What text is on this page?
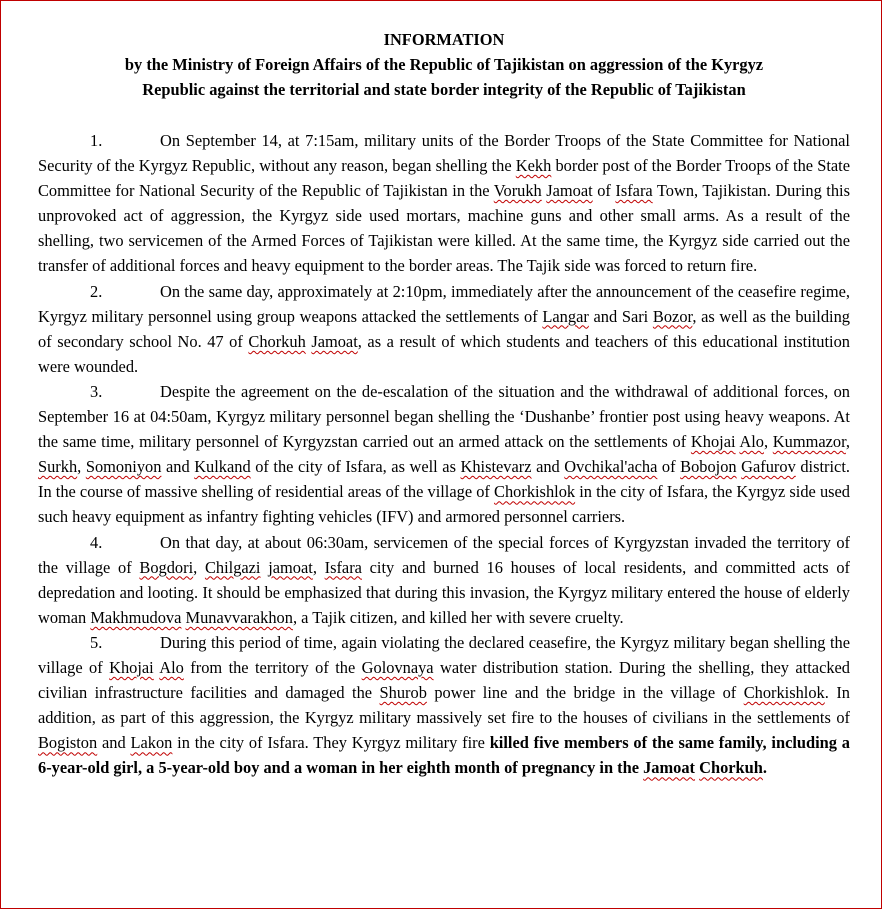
INFORMATION

by the Ministry of Foreign Affairs of the Republic of Tajikistan on aggression of the Kyrgyz
Republic against the territorial and state border integrity of the Republic of Tajikistan

1.	On September 14, at 7:15am, military units of the Border Troops of the State Committee for National Security of the Kyrgyz Republic, without any reason, began shelling the Kekh border post of the Border Troops of the State Committee for National Security of the Republic of Tajikistan in the Vorukh Jamoat of Isfara Town, Tajikistan. During this unprovoked act of aggression, the Kyrgyz side used mortars, machine guns and other small arms. As a result of the shelling, two servicemen of the Armed Forces of Tajikistan were killed. At the same time, the Kyrgyz side carried out the transfer of additional forces and heavy equipment to the border areas. The Tajik side was forced to return fire.

2.	On the same day, approximately at 2:10pm, immediately after the announcement of the ceasefire regime, Kyrgyz military personnel using group weapons attacked the settlements of Langar and Sari Bozor, as well as the building of secondary school No. 47 of Chorkuh Jamoat, as a result of which students and teachers of this educational institution were wounded.

3.	Despite the agreement on the de-escalation of the situation and the withdrawal of additional forces, on September 16 at 04:50am, Kyrgyz military personnel began shelling the ‘Dushanbe’ frontier post using heavy weapons. At the same time, military personnel of Kyrgyzstan carried out an armed attack on the settlements of Khojai Alo, Kummazor, Surkh, Somoniyon and Kulkand of the city of Isfara, as well as Khistevarz and Ovchikal'acha of Bobojon Gafurov district. In the course of massive shelling of residential areas of the village of Chorkishlok in the city of Isfara, the Kyrgyz side used such heavy equipment as infantry fighting vehicles (IFV) and armored personnel carriers.

4.	On that day, at about 06:30am, servicemen of the special forces of Kyrgyzstan invaded the territory of the village of Bogdori, Chilgazi jamoat, Isfara city and burned 16 houses of local residents, and committed acts of depredation and looting. It should be emphasized that during this invasion, the Kyrgyz military entered the house of elderly woman Makhmudova Munavvarakhon, a Tajik citizen, and killed her with severe cruelty.

5.	During this period of time, again violating the declared ceasefire, the Kyrgyz military began shelling the village of Khojai Alo from the territory of the Golovnaya water distribution station. During the shelling, they attacked civilian infrastructure facilities and damaged the Shurob power line and the bridge in the village of Chorkishlok. In addition, as part of this aggression, the Kyrgyz military massively set fire to the houses of civilians in the settlements of Bogiston and Lakon in the city of Isfara. They Kyrgyz military fire killed five members of the same family, including a 6-year-old girl, a 5-year-old boy and a woman in her eighth month of pregnancy in the Jamoat Chorkuh.
